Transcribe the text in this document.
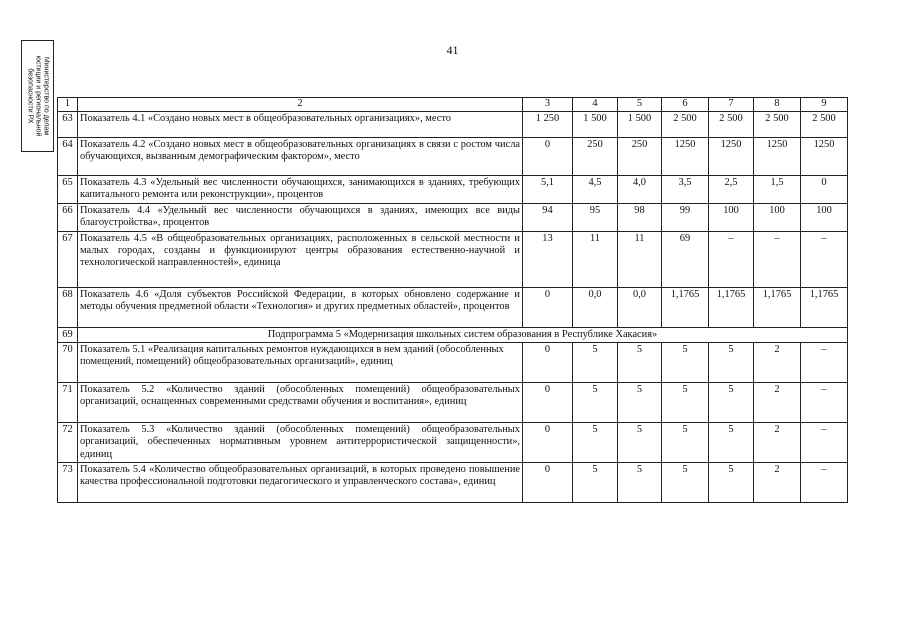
41
Министерство по делам
юстиции и региональной
безопасности РХ	1	2	3	4	5	6	7	8	9
63	Показатель 4.1 «Создано новых мест в общеобразовательных организациях», место	1 250	1 500	1 500	2 500	2 500	2 500	2 500
64	Показатель 4.2 «Создано новых мест в общеобразовательных организациях в связи с ростом числа обучающихся, вызванным демографическим фактором», место	0	250	250	1250	1250	1250	1250
65	Показатель 4.3 «Удельный вес численности обучающихся, занимающихся в зданиях, требующих капитального ремонта или реконструкции», процентов	5,1	4,5	4,0	3,5	2,5	1,5	0
66	Показатель 4.4 «Удельный вес численности обучающихся в зданиях, имеющих все виды благоустройства», процентов	94	95	98	99	100	100	100
67	Показатель 4.5 «В общеобразовательных организациях, расположенных в сельской местности и малых городах, созданы и функционируют центры образования естественно-научной и технологической направленностей», единица	13	11	11	69	–	–	–
68	Показатель 4.6 «Доля субъектов Российской Федерации, в которых обновлено содержание и методы обучения предметной области «Технология» и других предметных областей», процентов	0	0,0	0,0	1,1765	1,1765	1,1765	1,1765
69	Подпрограмма 5 «Модернизация школьных систем образования в Республике Хакасия»							
70	Показатель 5.1 «Реализация капитальных ремонтов нуждающихся в нем зданий (обособленных помещений, помещений) общеобразовательных организаций», единиц	0	5	5	5	5	2	–
71	Показатель 5.2 «Количество зданий (обособленных помещений) общеобразовательных организаций, оснащенных современными средствами обучения и воспитания», единиц	0	5	5	5	5	2	–
72	Показатель 5.3 «Количество зданий (обособленных помещений) общеобразовательных организаций, обеспеченных нормативным уровнем антитеррористической защищенности», единиц	0	5	5	5	5	2	–
73	Показатель 5.4 «Количество общеобразовательных организаций, в которых проведено повышение качества профессиональной подготовки педагогического и управленческого состава», единиц	0	5	5	5	5	2	–
